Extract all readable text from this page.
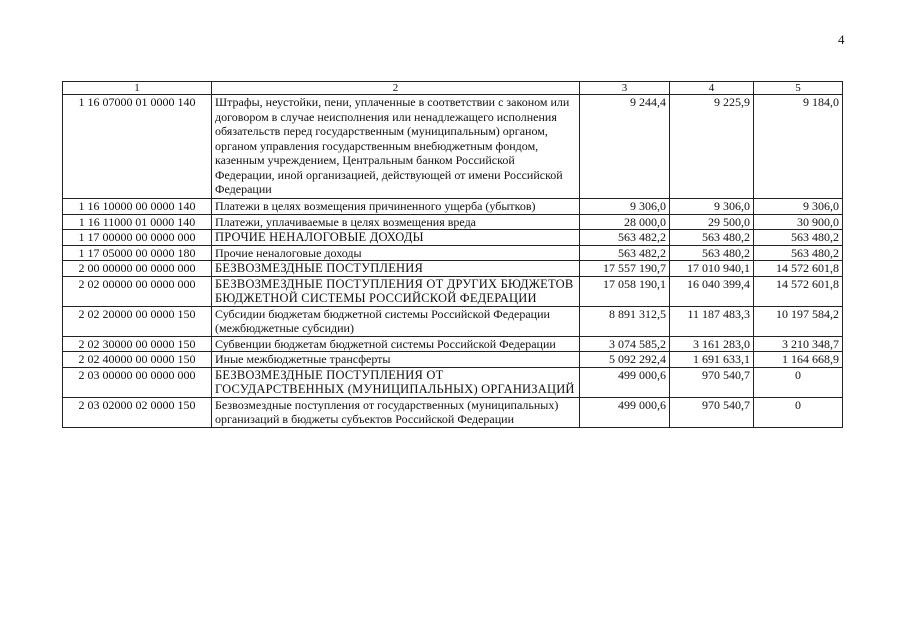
4
1	2	3	4	5
1 16 07000 01 0000 140	Штрафы, неустойки, пени, уплаченные в соответствии с законом или договором в случае неисполнения или ненадлежащего исполнения обязательств перед государственным (муниципальным) органом, органом управления государственным внебюджетным фондом, казенным учреждением, Центральным банком Российской Федерации, иной организацией, действующей от имени Российской Федерации	9 244,4	9 225,9	9 184,0
1 16 10000 00 0000 140	Платежи в целях возмещения причиненного ущерба (убытков)	9 306,0	9 306,0	9 306,0
1 16 11000 01 0000 140	Платежи, уплачиваемые в целях возмещения вреда	28 000,0	29 500,0	30 900,0
1 17 00000 00 0000 000	ПРОЧИЕ НЕНАЛОГОВЫЕ ДОХОДЫ	563 482,2	563 480,2	563 480,2
1 17 05000 00 0000 180	Прочие неналоговые доходы	563 482,2	563 480,2	563 480,2
2 00 00000 00 0000 000	БЕЗВОЗМЕЗДНЫЕ ПОСТУПЛЕНИЯ	17 557 190,7	17 010 940,1	14 572 601,8
2 02 00000 00 0000 000	БЕЗВОЗМЕЗДНЫЕ ПОСТУПЛЕНИЯ ОТ ДРУГИХ БЮДЖЕТОВ БЮДЖЕТНОЙ СИСТЕМЫ РОССИЙСКОЙ ФЕДЕРАЦИИ	17 058 190,1	16 040 399,4	14 572 601,8
2 02 20000 00 0000 150	Субсидии бюджетам бюджетной системы Российской Федерации (межбюджетные субсидии)	8 891 312,5	11 187 483,3	10 197 584,2
2 02 30000 00 0000 150	Субвенции бюджетам бюджетной системы Российской Федерации	3 074 585,2	3 161 283,0	3 210 348,7
2 02 40000 00 0000 150	Иные межбюджетные трансферты	5 092 292,4	1 691 633,1	1 164 668,9
2 03 00000 00 0000 000	БЕЗВОЗМЕЗДНЫЕ ПОСТУПЛЕНИЯ ОТ ГОСУДАРСТВЕННЫХ (МУНИЦИПАЛЬНЫХ) ОРГАНИЗАЦИЙ	499 000,6	970 540,7	0
2 03 02000 02 0000 150	Безвозмездные поступления от государственных (муниципальных) организаций в бюджеты субъектов Российской Федерации	499 000,6	970 540,7	0
